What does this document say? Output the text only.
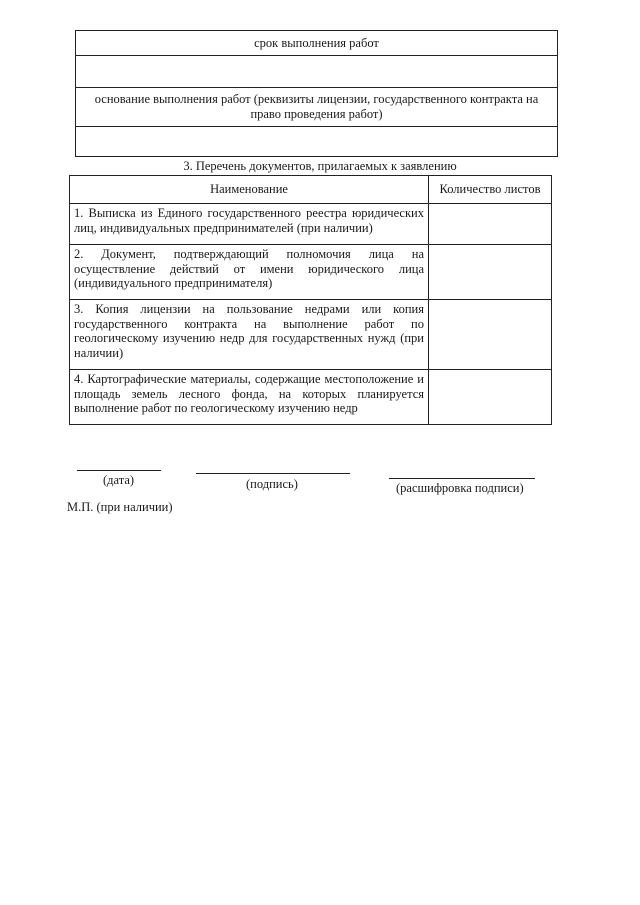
срок выполнения работ
основание выполнения работ (реквизиты лицензии, государственного контракта на право проведения работ)
3. Перечень документов, прилагаемых к заявлению
Наименование	Количество листов
1. Выписка из Единого государственного реестра юридических лиц, индивидуальных предпринимателей (при наличии)	
2. Документ, подтверждающий полномочия лица на осуществление действий от имени юридического лица (индивидуального предпринимателя)	
3. Копия лицензии на пользование недрами или копия государственного контракта на выполнение работ по геологическому изучению недр для государственных нужд (при наличии)	
4. Картографические материалы, содержащие местоположение и площадь земель лесного фонда, на которых планируется выполнение работ по геологическому изучению недр	
(дата)	(подпись)	(расшифровка подписи)
М.П. (при наличии)
